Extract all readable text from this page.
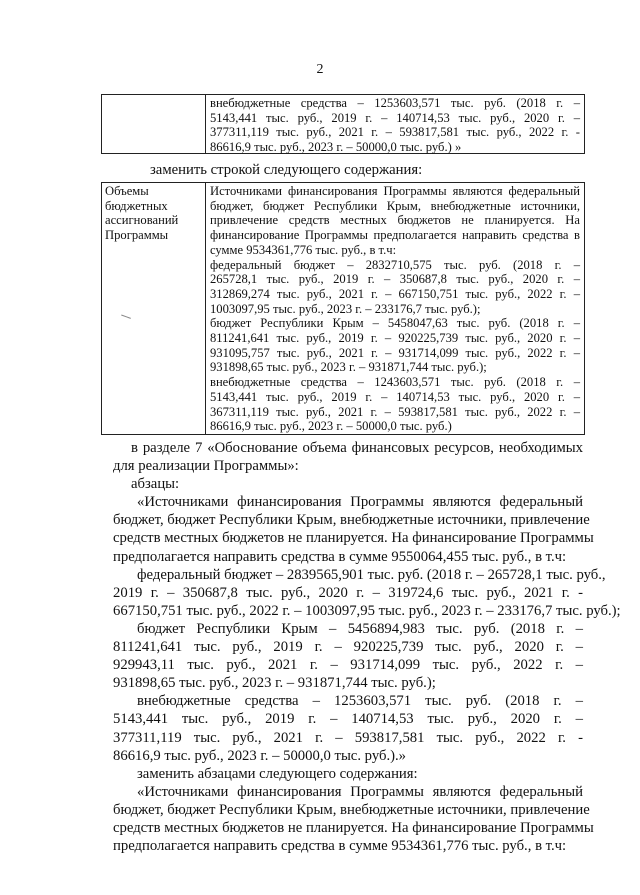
2
внебюджетные средства – 1253603,571 тыс. руб. (2018 г. –
5143,441 тыс. руб., 2019 г. – 140714,53 тыс. руб., 2020 г. –
377311,119 тыс. руб., 2021 г. – 593817,581 тыс. руб., 2022 г. -
86616,9 тыс. руб., 2023 г. – 50000,0 тыс. руб.) »
заменить строкой следующего содержания:
Объемы
бюджетных
ассигнований
Программы
Источниками финансирования Программы являются федеральный
бюджет, бюджет Республики Крым, внебюджетные источники,
привлечение средств местных бюджетов не планируется. На
финансирование Программы предполагается направить средства в
сумме 9534361,776 тыс. руб., в т.ч:
федеральный бюджет – 2832710,575 тыс. руб. (2018 г. –
265728,1 тыс. руб., 2019 г. – 350687,8 тыс. руб., 2020 г. –
312869,274 тыс. руб., 2021 г. – 667150,751 тыс. руб., 2022 г. –
1003097,95 тыс. руб., 2023 г. – 233176,7 тыс. руб.);
бюджет Республики Крым – 5458047,63 тыс. руб. (2018 г. –
811241,641 тыс. руб., 2019 г. – 920225,739 тыс. руб., 2020 г. –
931095,757 тыс. руб., 2021 г. – 931714,099 тыс. руб., 2022 г. –
931898,65 тыс. руб., 2023 г. – 931871,744 тыс. руб.);
внебюджетные средства – 1243603,571 тыс. руб. (2018 г. –
5143,441 тыс. руб., 2019 г. – 140714,53 тыс. руб., 2020 г. –
367311,119 тыс. руб., 2021 г. – 593817,581 тыс. руб., 2022 г. –
86616,9 тыс. руб., 2023 г. – 50000,0 тыс. руб.)
в разделе 7 «Обоснование объема финансовых ресурсов, необходимых
для реализации Программы»:
абзацы:
«Источниками финансирования Программы являются федеральный
бюджет, бюджет Республики Крым, внебюджетные источники, привлечение
средств местных бюджетов не планируется. На финансирование Программы
предполагается направить средства в сумме 9550064,455 тыс. руб., в т.ч:
федеральный бюджет – 2839565,901 тыс. руб. (2018 г. – 265728,1 тыс. руб.,
2019 г. – 350687,8 тыс. руб., 2020 г. – 319724,6 тыс. руб., 2021 г. -
667150,751 тыс. руб., 2022 г. – 1003097,95 тыс. руб., 2023 г. – 233176,7 тыс. руб.);
бюджет Республики Крым – 5456894,983 тыс. руб. (2018 г. –
811241,641 тыс. руб., 2019 г. – 920225,739 тыс. руб., 2020 г. –
929943,11 тыс. руб., 2021 г. – 931714,099 тыс. руб., 2022 г. –
931898,65 тыс. руб., 2023 г. – 931871,744 тыс. руб.);
внебюджетные средства – 1253603,571 тыс. руб. (2018 г. –
5143,441 тыс. руб., 2019 г. – 140714,53 тыс. руб., 2020 г. –
377311,119 тыс. руб., 2021 г. – 593817,581 тыс. руб., 2022 г. -
86616,9 тыс. руб., 2023 г. – 50000,0 тыс. руб.).»
заменить абзацами следующего содержания:
«Источниками финансирования Программы являются федеральный
бюджет, бюджет Республики Крым, внебюджетные источники, привлечение
средств местных бюджетов не планируется. На финансирование Программы
предполагается направить средства в сумме 9534361,776 тыс. руб., в т.ч:
